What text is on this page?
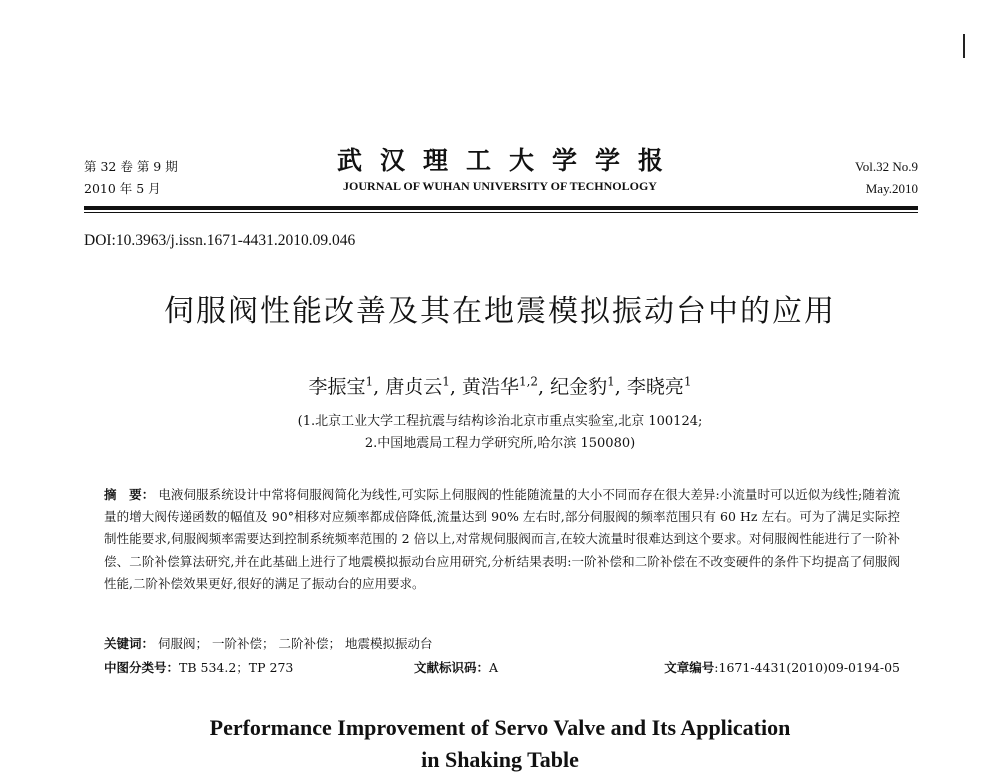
第 32 卷 第 9 期
2010 年 5 月
武汉理工大学学报
JOURNAL OF WUHAN UNIVERSITY OF TECHNOLOGY
Vol.32 No.9
May.2010
DOI:10.3963/j.issn.1671-4431.2010.09.046
伺服阀性能改善及其在地震模拟振动台中的应用
李振宝$^1$, 唐贞云$^1$, 黄浩华$^{1,2}$, 纪金豹$^1$, 李晓亮$^1$
(1.北京工业大学工程抗震与结构诊治北京市重点实验室,北京 100124;
2.中国地震局工程力学研究所,哈尔滨 150080)
摘　要： 电液伺服系统设计中常将伺服阀简化为线性,可实际上伺服阀的性能随流量的大小不同而存在很大差异:小流量时可以近似为线性;随着流量的增大阀传递函数的幅值及 90°相移对应频率都成倍降低,流量达到 90% 左右时,部分伺服阀的频率范围只有 60 Hz 左右。可为了满足实际控制性能要求,伺服阀频率需要达到控制系统频率范围的 2 倍以上,对常规伺服阀而言,在较大流量时很难达到这个要求。对伺服阀性能进行了一阶补偿、二阶补偿算法研究,并在此基础上进行了地震模拟振动台应用研究,分析结果表明:一阶补偿和二阶补偿在不改变硬件的条件下均提高了伺服阀性能,二阶补偿效果更好,很好的满足了振动台的应用要求。
关键词： 伺服阀； 一阶补偿； 二阶补偿； 地震模拟振动台
中图分类号：TB 534.2；TP 273	文献标识码：A	文章编号:1671-4431(2010)09-0194-05
Performance Improvement of Servo Valve and Its Application
in Shaking Table
